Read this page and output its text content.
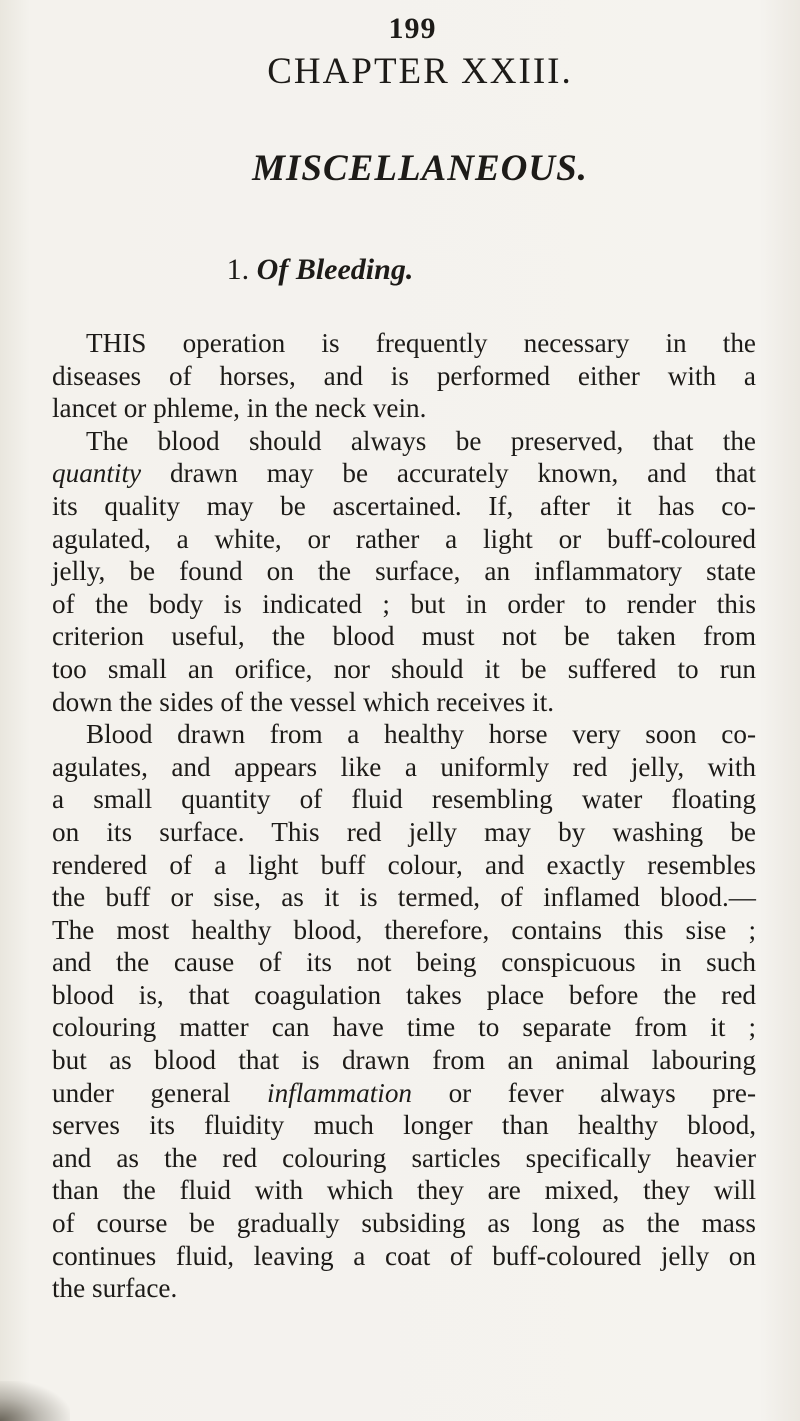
199
CHAPTER XXIII.
MISCELLANEOUS.
1. Of Bleeding.
THIS operation is frequently necessary in the
diseases of horses, and is performed either with a
lancet or phleme, in the neck vein.
The blood should always be preserved, that the
quantity drawn may be accurately known, and that
its quality may be ascertained. If, after it has co-
agulated, a white, or rather a light or buff-coloured
jelly, be found on the surface, an inflammatory state
of the body is indicated ; but in order to render this
criterion useful, the blood must not be taken from
too small an orifice, nor should it be suffered to run
down the sides of the vessel which receives it.
Blood drawn from a healthy horse very soon co-
agulates, and appears like a uniformly red jelly, with
a small quantity of fluid resembling water floating
on its surface. This red jelly may by washing be
rendered of a light buff colour, and exactly resembles
the buff or sise, as it is termed, of inflamed blood.—
The most healthy blood, therefore, contains this sise ;
and the cause of its not being conspicuous in such
blood is, that coagulation takes place before the red
colouring matter can have time to separate from it ;
but as blood that is drawn from an animal labouring
under general inflammation or fever always pre-
serves its fluidity much longer than healthy blood,
and as the red colouring sarticles specifically heavier
than the fluid with which they are mixed, they will
of course be gradually subsiding as long as the mass
continues fluid, leaving a coat of buff-coloured jelly on
the surface.
